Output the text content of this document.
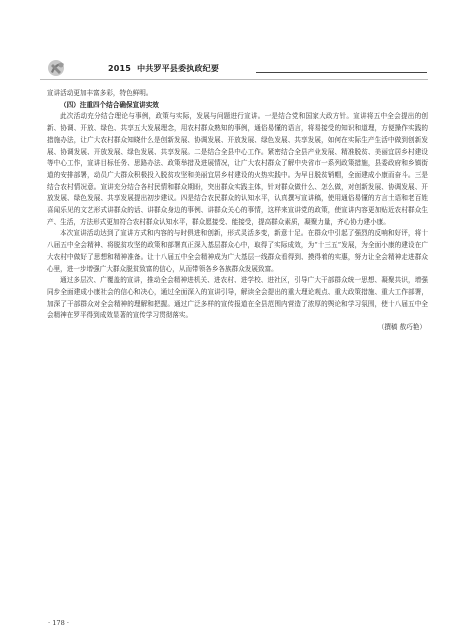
2015 中共罗平县委执政纪要

宣讲活动更加丰富多彩，特色鲜明。

（四）注重四个结合确保宣讲实效

此次活动充分结合理论与事例，政策与实际，发展与问题进行宣讲。一是结合党和国家大政方针。宣讲将五中全会提出的创新、协调、开放、绿色、共享五大发展理念，用农村群众熟知的事例，通俗易懂的语言，将易接受的知识和道理，方便操作实践的措施办法，让广大农村群众知晓什么是创新发展、协调发展、开放发展、绿色发展、共享发展，如何在实际生产生活中做到创新发展、协调发展、开放发展、绿色发展、共享发展。二是结合全县中心工作。紧密结合全县产业发展、精准脱贫、美丽宜居乡村建设等中心工作，宣讲目标任务、思路办法、政策举措及进展情况，让广大农村群众了解中央省市一系列政策措施，县委政府和乡镇街道的安排部署，动员广大群众积极投入脱贫攻坚和美丽宜居乡村建设的火热实践中。为早日脱贫销帽，全面建成小康而奋斗。三是结合农村情况意。宣讲充分结合各村民情和群众期盼，突出群众实践主体，针对群众做什么、怎么做，对创新发展、协调发展、开放发展、绿色发展、共享发展提出初步建议。四是结合农民群众的认知水平，认真撰写宣讲稿，使用通俗易懂的方言土语和老百姓喜闻乐见的文艺形式讲群众的话、讲群众身边的事例、讲群众关心的事情，这样来宣讲党的政策，使宣讲内容更加贴近农村群众生产、生活，方法形式更加符合农村群众认知水平，群众愿接受、能接受，提高群众素质，凝聚力量，齐心协力建小康。

本次宣讲活动达到了宣讲方式和内容的与时俱进和创新，形式灵活多变，新意十足。在群众中引起了强烈的反响和好评，将十八届五中全会精神、将脱贫攻坚的政策和部署真正深入基层群众心中，取得了实际成效，为“十三五”发展，为全面小康的建设在广大农村中做好了思想和精神准备。让十八届五中全会精神成为广大基层一线群众看得到、摸得着的实惠，努力让全会精神走进群众心里，进一步增强广大群众脱贫致富的信心，从而带领各乡各族群众发展致富。

通过多层次、广覆盖的宣讲，推动全会精神进机关、进农村、进学校、进社区，引导广大干部群众统一思想、凝聚共识，增强同步全面建成小康社会的信心和决心，通过全面深入的宣讲引导，解读全会提出的重大理论观点、重大政策措施、重大工作部署，加深了干部群众对全会精神的理解和把握。通过广泛多样的宣传报道在全县范围内营造了浓厚的舆论和学习氛围，使十八届五中全会精神在罗平得到成效显著的宣传学习贯彻落实。

（撰稿 敖巧艳）

· 178 ·
